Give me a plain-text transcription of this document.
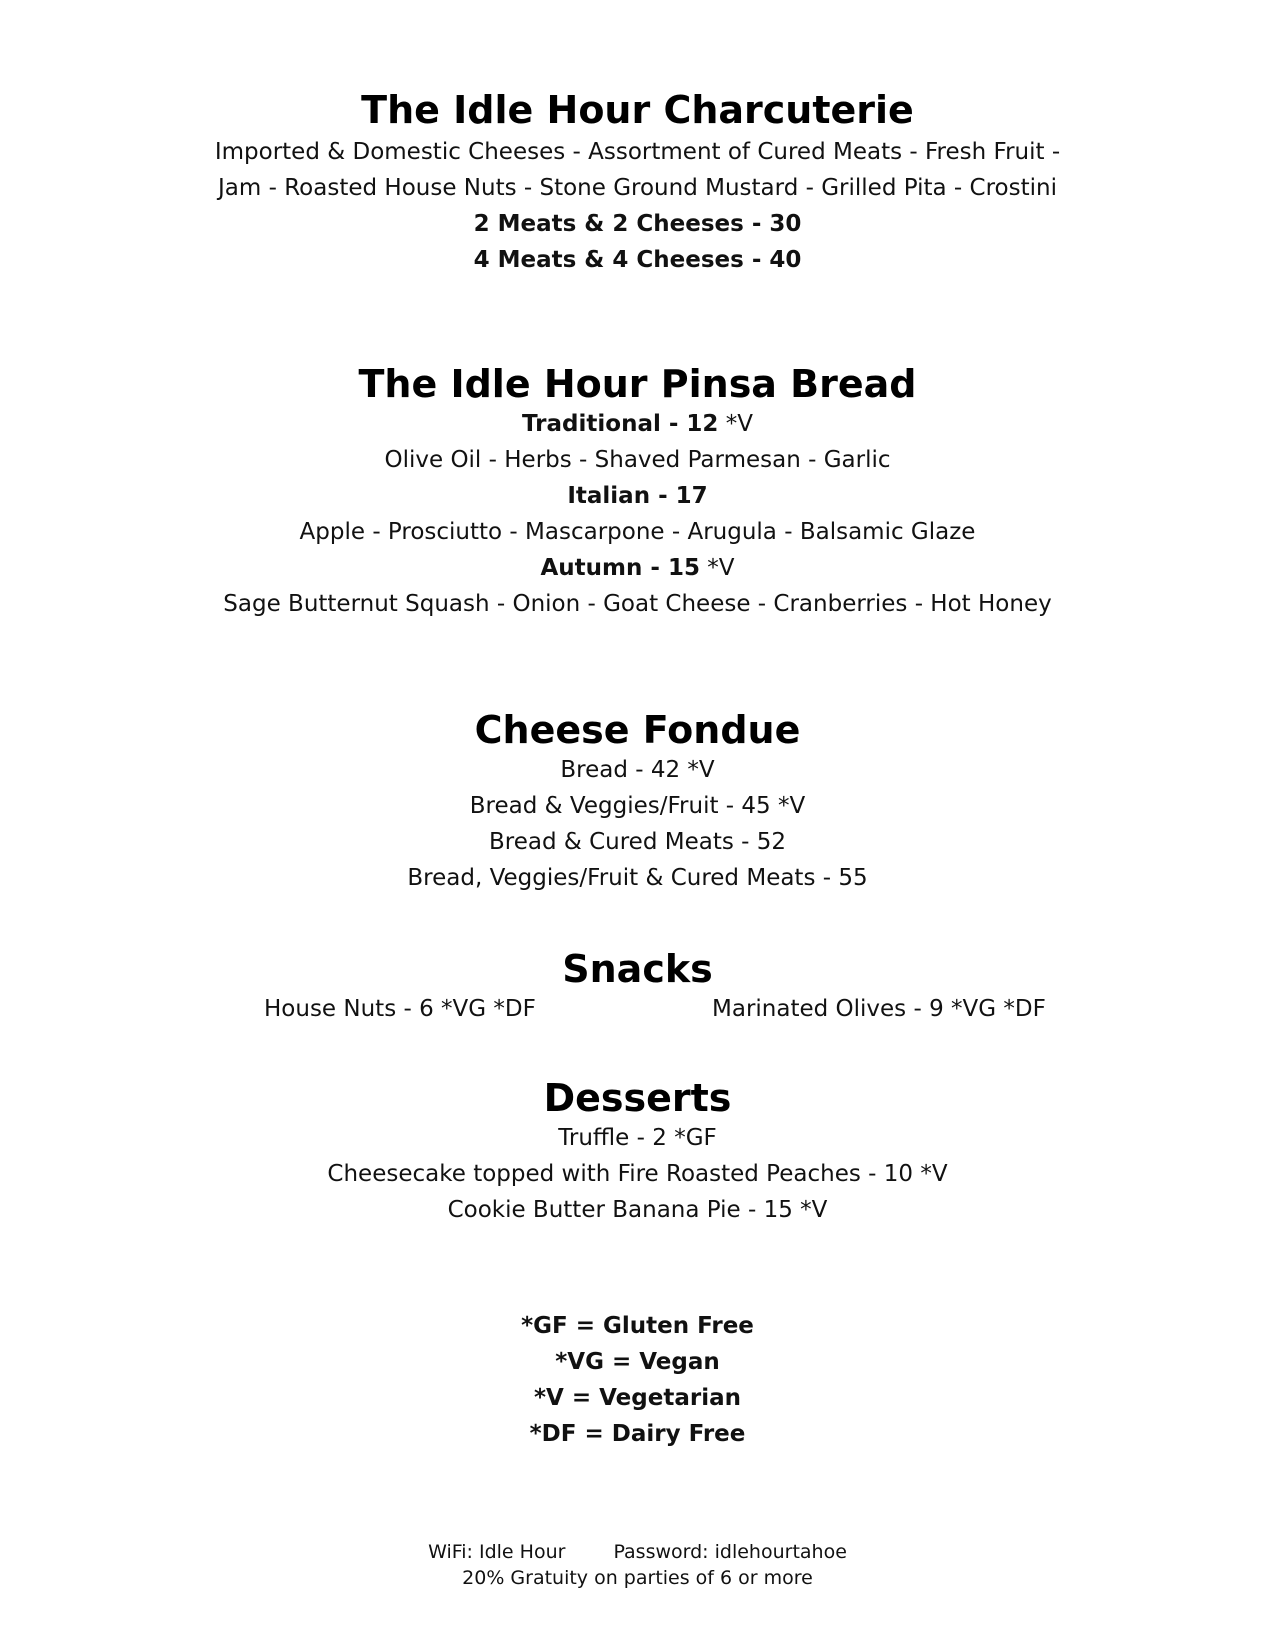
The Idle Hour Charcuterie

Imported & Domestic Cheeses - Assortment of Cured Meats - Fresh Fruit -

Jam - Roasted House Nuts - Stone Ground Mustard - Grilled Pita - Crostini

2 Meats & 2 Cheeses - 30

4 Meats & 4 Cheeses - 40

The Idle Hour Pinsa Bread

Traditional - 12 *V

Olive Oil - Herbs - Shaved Parmesan - Garlic

Italian - 17

Apple - Prosciutto - Mascarpone - Arugula - Balsamic Glaze

Autumn - 15 *V

Sage Butternut Squash - Onion - Goat Cheese - Cranberries - Hot Honey

Cheese Fondue

Bread - 42 *V

Bread & Veggies/Fruit - 45 *V

Bread & Cured Meats - 52

Bread, Veggies/Fruit & Cured Meats - 55

Snacks

House Nuts - 6 *VG *DF	Marinated Olives - 9 *VG *DF

Desserts

Truffle - 2 *GF

Cheesecake topped with Fire Roasted Peaches - 10 *V

Cookie Butter Banana Pie - 15 *V

*GF = Gluten Free

*VG = Vegan

*V = Vegetarian

*DF = Dairy Free

WiFi: Idle Hour	Password: idlehourtahoe

20% Gratuity on parties of 6 or more
